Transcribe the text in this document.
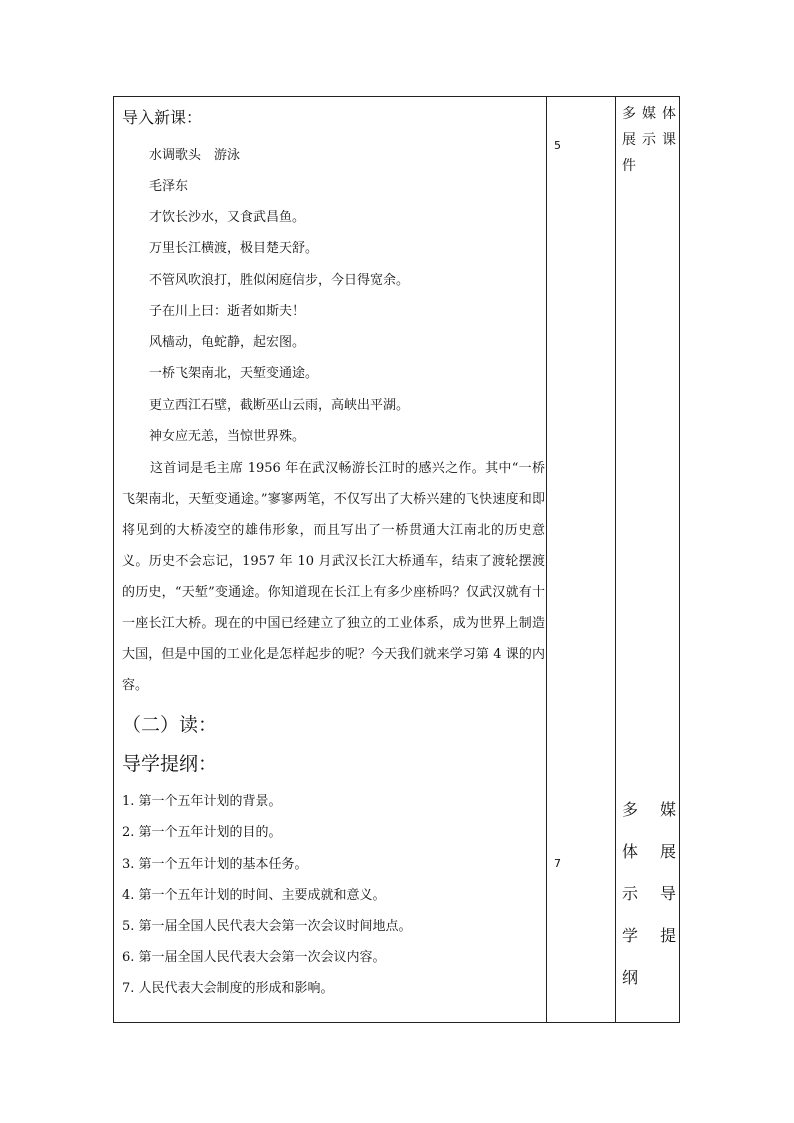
导入新课：
水调歌头　游泳
毛泽东
才饮长沙水，又食武昌鱼。
万里长江横渡，极目楚天舒。
不管风吹浪打，胜似闲庭信步，今日得宽余。
子在川上曰：逝者如斯夫！
风樯动，龟蛇静，起宏图。
一桥飞架南北，天堑变通途。
更立西江石壁，截断巫山云雨，高峡出平湖。
神女应无恙，当惊世界殊。
这首词是毛主席 1956 年在武汉畅游长江时的感兴之作。其中“一桥飞架南北，天堑变通途。”寥寥两笔，不仅写出了大桥兴建的飞快速度和即将见到的大桥凌空的雄伟形象，而且写出了一桥贯通大江南北的历史意义。历史不会忘记，1957 年 10 月武汉长江大桥通车，结束了渡轮摆渡的历史，“天堑”变通途。你知道现在长江上有多少座桥吗？仅武汉就有十一座长江大桥。现在的中国已经建立了独立的工业体系，成为世界上制造大国，但是中国的工业化是怎样起步的呢？今天我们就来学习第 4 课的内容。
（二）读：
导学提纲：
1. 第一个五年计划的背景。
2. 第一个五年计划的目的。
3. 第一个五年计划的基本任务。
4. 第一个五年计划的时间、主要成就和意义。
5. 第一届全国人民代表大会第一次会议时间地点。
6. 第一届全国人民代表大会第一次会议内容。
7. 人民代表大会制度的形成和影响。
5
7
多媒体
展示课
件
多媒
体展
示导
学提
纲
